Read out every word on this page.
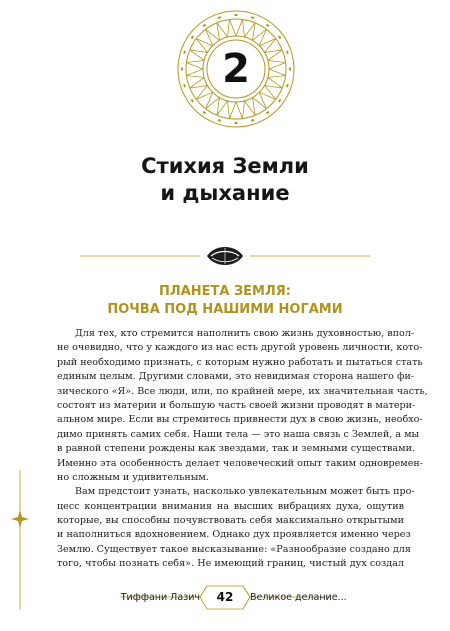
2
Стихия Земли
и дыхание
ПЛАНЕТА ЗЕМЛЯ:
ПОЧВА ПОД НАШИМИ НОГАМИ
Для тех, кто стремится наполнить свою жизнь духовностью, впол-
не очевидно, что у каждого из нас есть другой уровень личности, кото-
рый необходимо признать, с которым нужно работать и пытаться стать
единым целым. Другими словами, это невидимая сторона нашего фи-
зического «Я». Все люди, или, по крайней мере, их значительная часть,
состоят из материи и большую часть своей жизни проводят в матери-
альном мире. Если вы стремитесь привнести дух в свою жизнь, необхо-
димо принять самих себя. Наши тела — это наша связь с Землей, а мы
в равной степени рождены как звездами, так и земными существами.
Именно эта особенность делает человеческий опыт таким одновремен-
но сложным и удивительным.
Вам предстоит узнать, насколько увлекательным может быть про-
цесс концентрации внимания на высших вибрациях духа, ощутив
которые, вы способны почувствовать себя максимально открытыми
и наполниться вдохновением. Однако дух проявляется именно через
Землю. Существует такое высказывание: «Разнообразие создано для
того, чтобы познать себя». Не имеющий границ, чистый дух создал
Тиффани Лазич	42	Великое делание...
